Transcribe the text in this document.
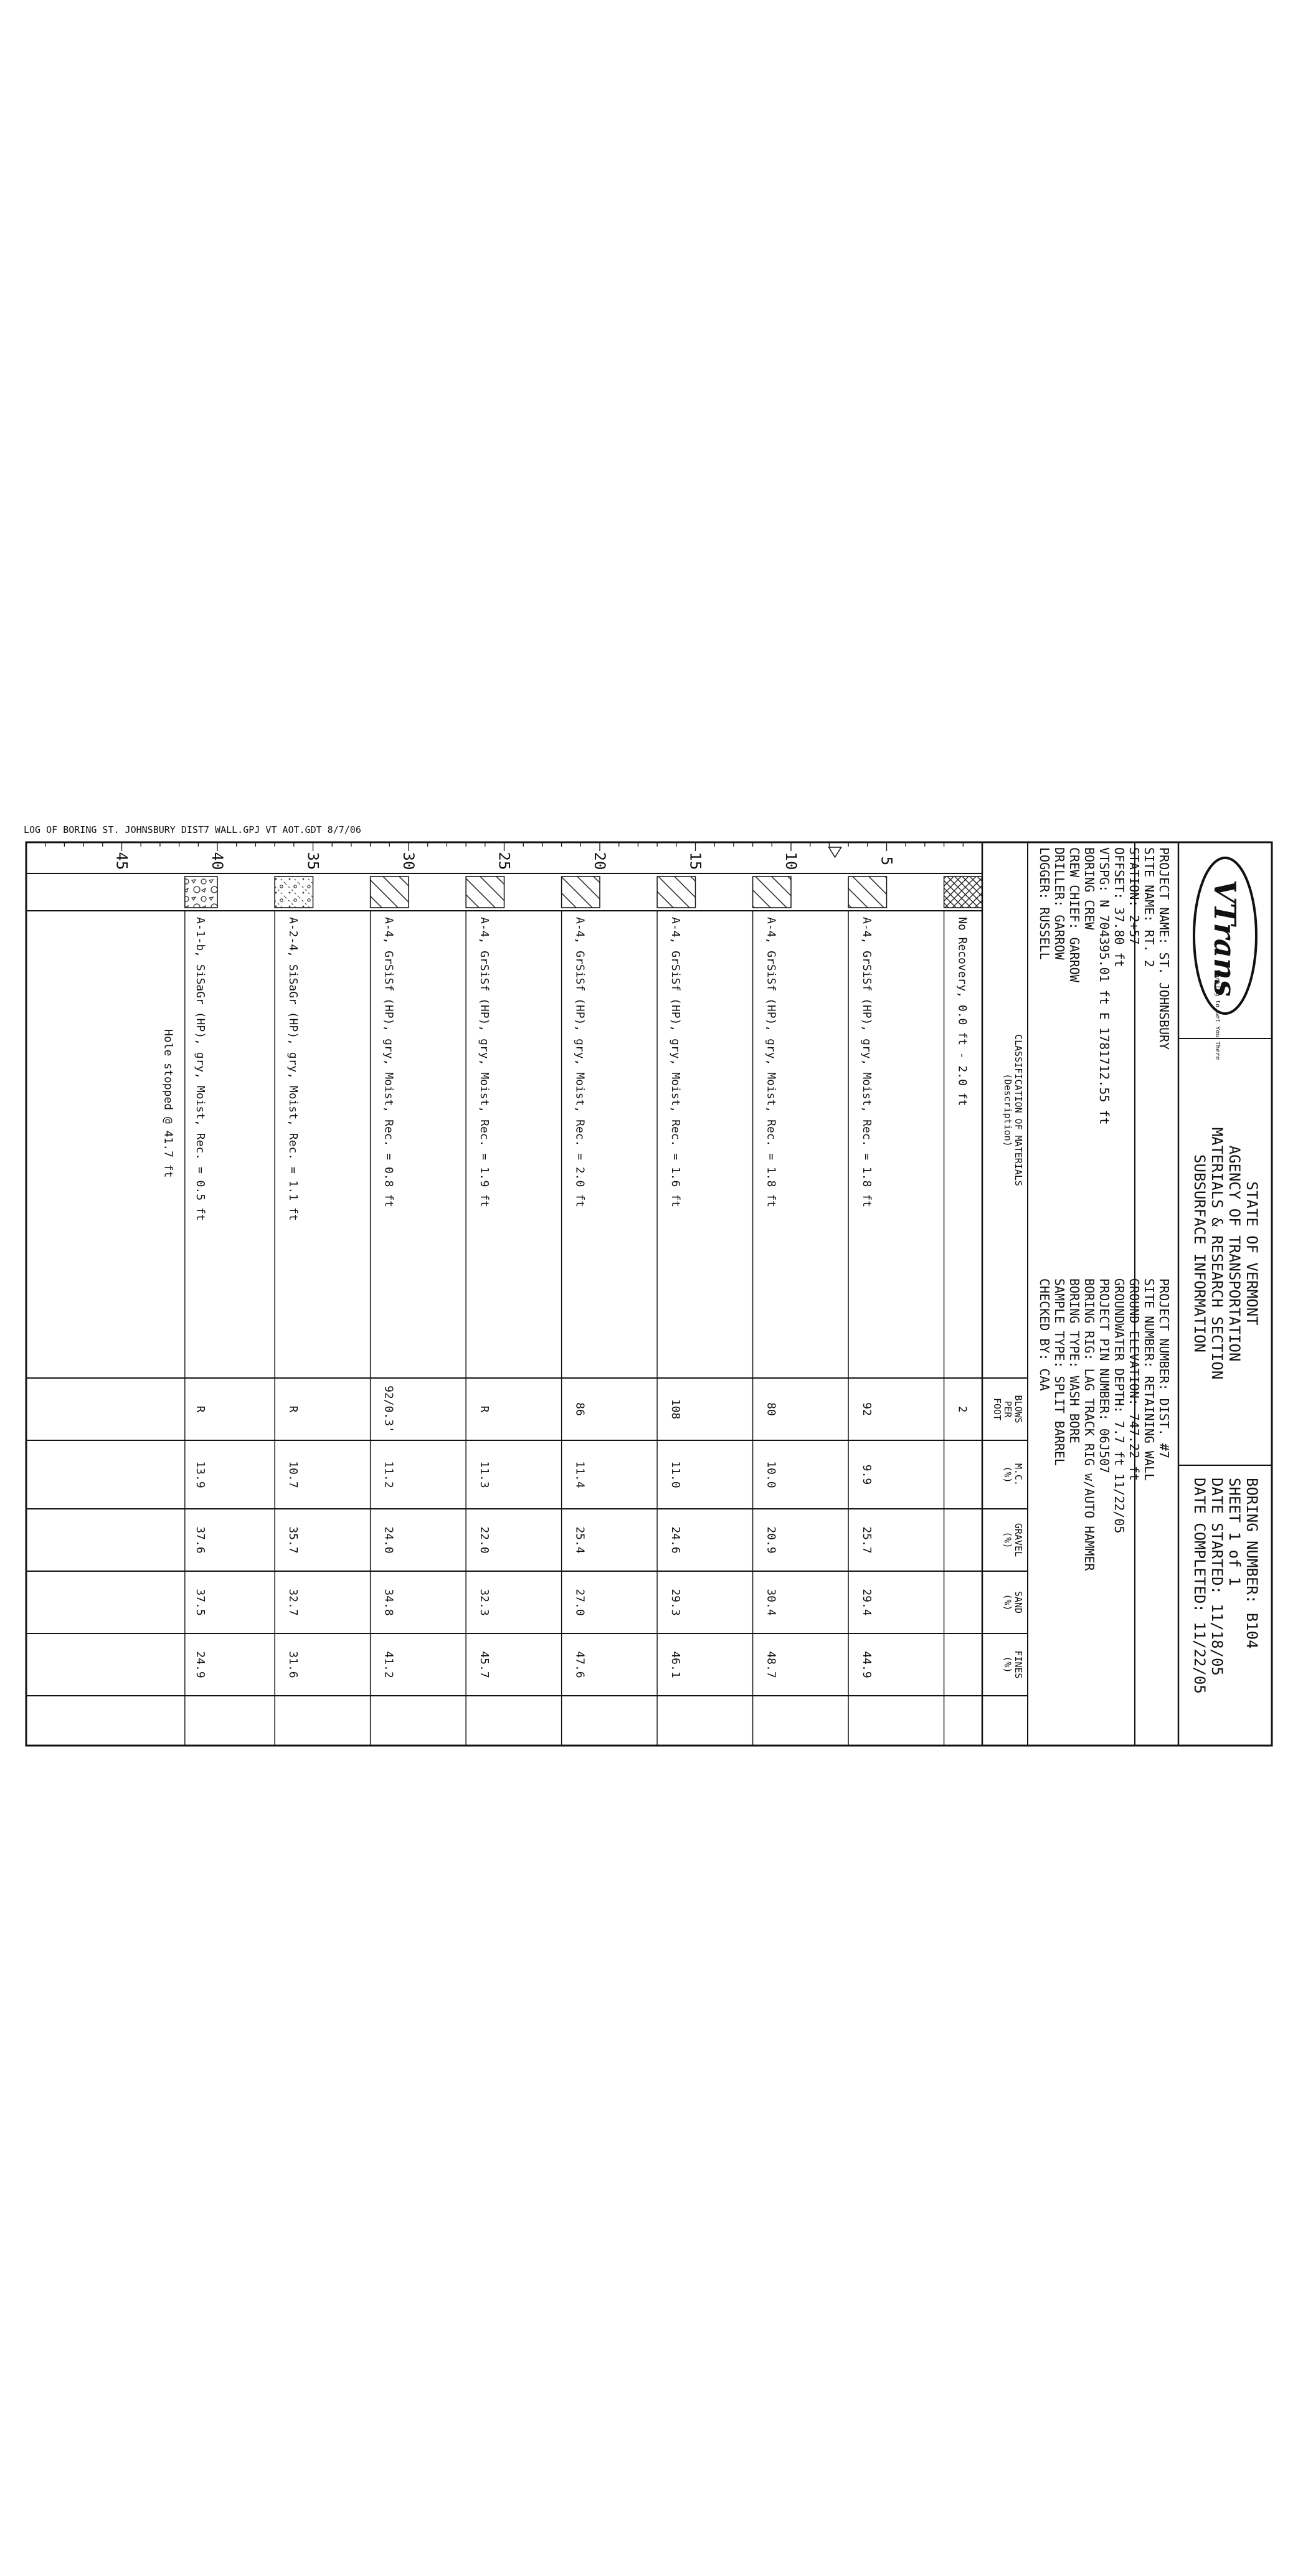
LOG OF BORING ST. JOHNSBURY DIST7 WALL.GPJ VT AOT.GDT 8/7/06
VTrans
Working to Get You There
STATE OF VERMONT
AGENCY OF TRANSPORTATION
MATERIALS & RESEARCH SECTION
SUBSURFACE INFORMATION
BORING NUMBER: B104
SHEET 1 of 1
DATE STARTED: 11/18/05
DATE COMPLETED: 11/22/05
PROJECT NAME: ST. JOHNSBURY
SITE NAME: RT. 2
STATION: 2+57
OFFSET: 37.80 ft
VTSPG: N 704395.01 ft E 1781712.55 ft
BORING CREW
CREW CHIEF: GARROW
DRILLER: GARROW
LOGGER: RUSSELL
PROJECT NUMBER: DIST. #7
SITE NUMBER: RETAINING WALL
GROUND ELEVATION: 747.22 ft
GROUNDWATER DEPTH: 7.7 ft 11/22/05
PROJECT PIN NUMBER: 06J507
BORING RIG: LAG TRACK RIG w/AUTO HAMMER
BORING TYPE: WASH BORE
SAMPLE TYPE: SPLIT BARREL
CHECKED BY: CAA
CLASSIFICATION OF MATERIALS
(Description)
BLOWS
PER
FOOT
M.C.
(%)
GRAVEL
(%)
SAND
(%)
FINES
(%)
5
10
15
20
25
30
35
40
45
No Recovery, 0.0 ft - 2.0 ft
2
A-4, GrSiSf (HP), gry, Moist, Rec. = 1.8 ft
92
9.9
25.7
29.4
44.9
A-4, GrSiSf (HP), gry, Moist, Rec. = 1.8 ft
80
10.0
20.9
30.4
48.7
A-4, GrSiSf (HP), gry, Moist, Rec. = 1.6 ft
108
11.0
24.6
29.3
46.1
A-4, GrSiSf (HP), gry, Moist, Rec. = 2.0 ft
86
11.4
25.4
27.0
47.6
A-4, GrSiSf (HP), gry, Moist, Rec. = 1.9 ft
R
11.3
22.0
32.3
45.7
A-4, GrSiSf (HP), gry, Moist, Rec. = 0.8 ft
92/0.3'
11.2
24.0
34.8
41.2
A-2-4, SiSaGr (HP), gry, Moist, Rec. = 1.1 ft
R
10.7
35.7
32.7
31.6
A-1-b, SiSaGr (HP), gry, Moist, Rec. = 0.5 ft
R
13.9
37.6
37.5
24.9
Hole stopped @ 41.7 ft
